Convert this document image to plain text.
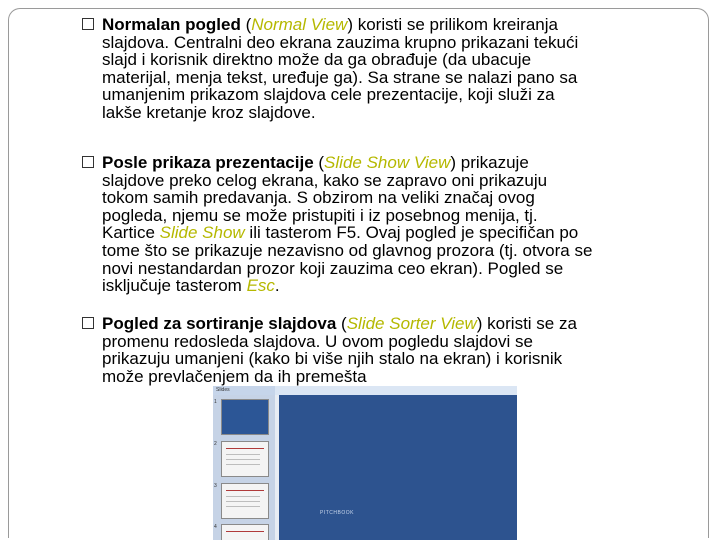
Normalan pogled (Normal View) koristi se prilikom kreiranja
slajdova. Centralni deo ekrana zauzima krupno prikazani tekući
slajd i korisnik direktno može da ga obrađuje (da ubacuje
materijal, menja tekst, uređuje ga). Sa strane se nalazi pano sa
umanjenim prikazom slajdova cele prezentacije, koji služi za
lakše kretanje kroz slajdove.
Posle prikaza prezentacije (Slide Show View) prikazuje
slajdove preko celog ekrana, kako se zapravo oni prikazuju
tokom samih predavanja. S obzirom na veliki značaj ovog
pogleda, njemu se može pristupiti i iz posebnog menija, tj.
Kartice Slide Show ili tasterom F5. Ovaj pogled je specifičan po
tome što se prikazuje nezavisno od glavnog prozora (tj. otvora se
novi nestandardan prozor koji zauzima ceo ekran). Pogled se
isključuje tasterom Esc.
Pogled za sortiranje slajdova (Slide Sorter View) koristi se za
promenu redosleda slajdova. U ovom pogledu slajdovi se
prikazuju umanjeni (kako bi više njih stalo na ekran) i korisnik
može prevlačenjem da ih premešta
Slides
1
2
3
4
PITCHBOOK
